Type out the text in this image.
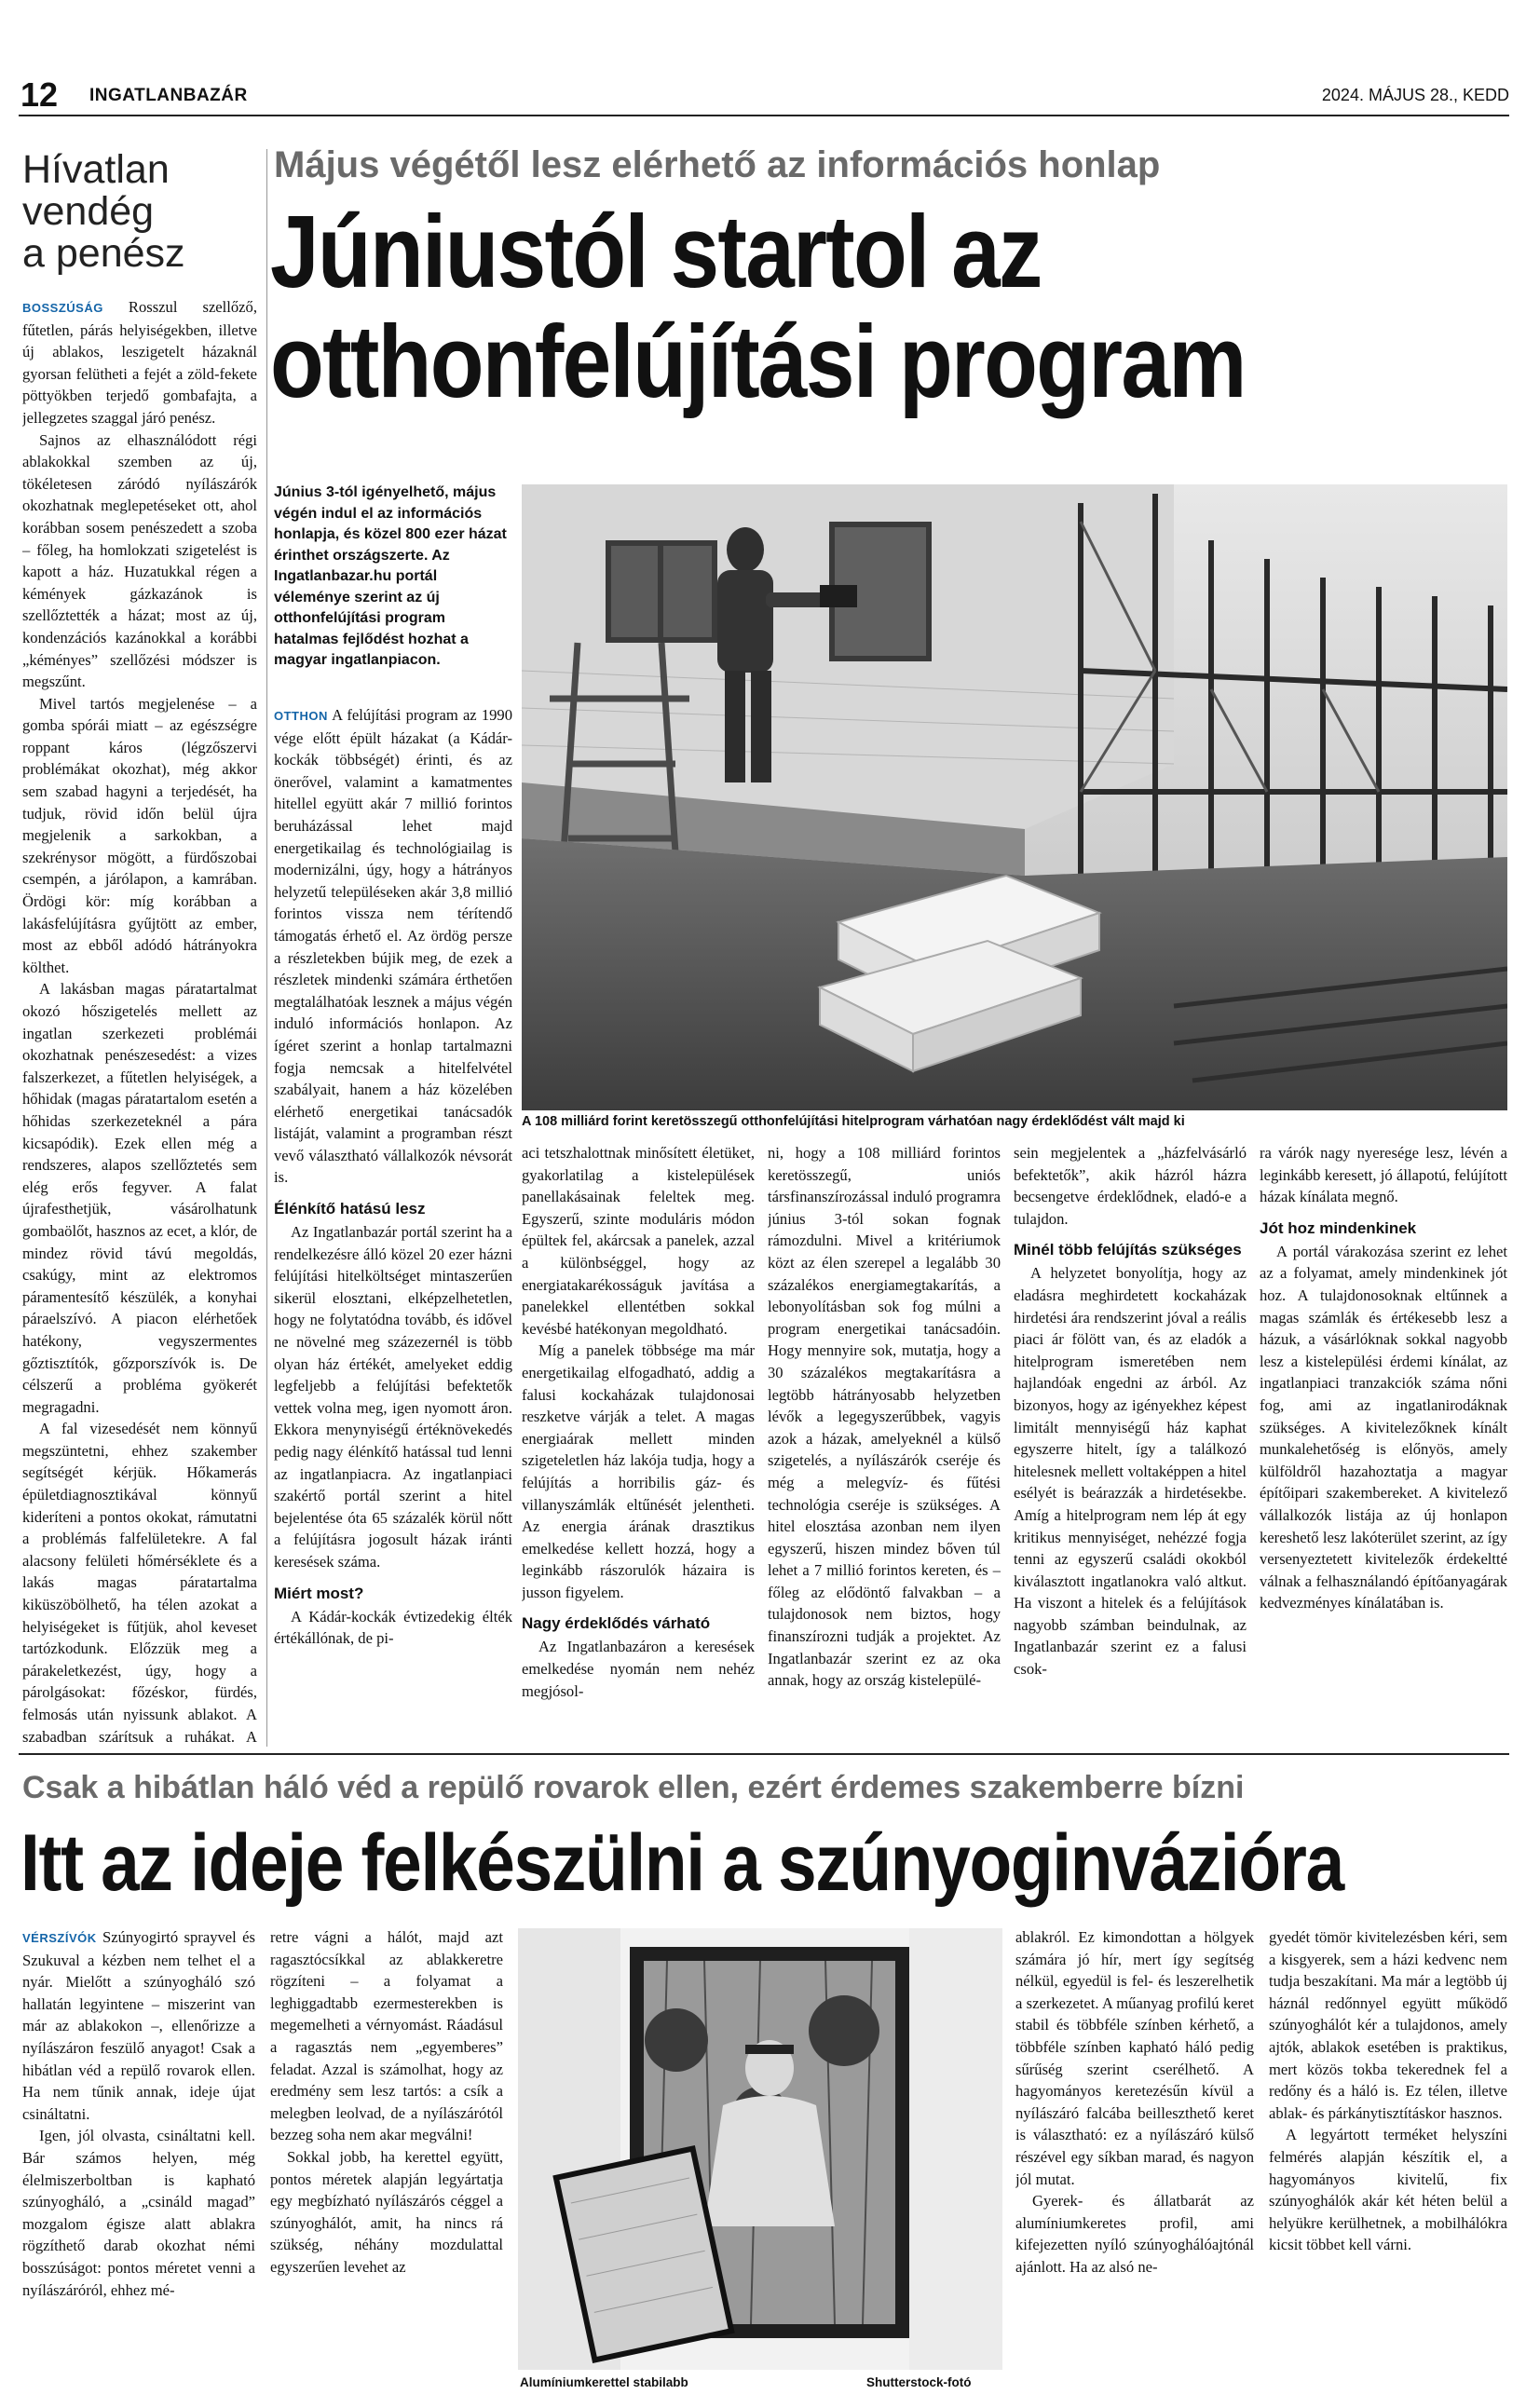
12 INGATLANBAZÁR	2024. MÁJUS 28., KEDD
Hívatlan
vendég
a penész

BOSSZÚSÁG Rosszul szellőző, fűtetlen, párás helyiségekben, illetve új ablakos, leszigetelt házaknál gyorsan felütheti a fejét a zöld-fekete pöttyökben terjedő gombafajta, a jellegzetes szaggal járó penész.

Sajnos az elhasználódott régi ablakokkal szemben az új, tökéletesen záródó nyílászárók okozhatnak meglepetéseket ott, ahol korábban sosem penészedett a szoba – főleg, ha homlokzati szigetelést is kapott a ház. Huzatukkal régen a kémények gázkazánok is szellőztették a házat; most az új, kondenzációs kazánokkal a korábbi „kéményes” szellőzési módszer is megszűnt.

Mivel tartós megjelenése – a gomba spórái miatt – az egészségre roppant káros (légzőszervi problémákat okozhat), még akkor sem szabad hagyni a terjedését, ha tudjuk, rövid időn belül újra megjelenik a sarkokban, a szekrénysor mögött, a fürdőszobai csempén, a járólapon, a kamrában. Ördögi kör: míg korábban a lakásfelújításra gyűjtött az ember, most az ebből adódó hátrányokra költhet.

A lakásban magas páratartalmat okozó hőszigetelés mellett az ingatlan szerkezeti problémái okozhatnak penészesedést: a vizes falszerkezet, a fűtetlen helyiségek, a hőhidak (magas páratartalom esetén a hőhidas szerkezeteknél a pára kicsapódik). Ezek ellen még a rendszeres, alapos szellőztetés sem elég erős fegyver. A falat újrafesthetjük, vásárolhatunk gombaölőt, hasznos az ecet, a klór, de mindez rövid távú megoldás, csakúgy, mint az elektromos páramentesítő készülék, a konyhai páraelszívó. A piacon elérhetőek hatékony, vegyszermentes gőztisztítók, gőzporszívók is. De célszerű a probléma gyökerét megragadni.

A fal vizesedését nem könnyű megszüntetni, ehhez szakember segítségét kérjük. Hőkamerás épületdiagnosztikával könnyű kideríteni a pontos okokat, rámutatni a problémás falfelületekre. A fal alacsony felületi hőmérséklete és a lakás magas páratartalma kiküszöbölhető, ha télen azokat a helyiségeket is fűtjük, ahol keveset tartózkodunk. Előzzük meg a párakeletkezést, úgy, hogy a párolgásokat: főzéskor, fürdés, felmosás után nyissunk ablakot. A szabadban szárítsuk a ruhákat. A

Május végétől lesz elérhető az információs honlap
Júniustól startol az
otthonfelújítási program
Június 3-tól igényelhető, május végén indul el az információs honlapja, és közel 800 ezer házat érinthet országszerte. Az Ingatlanbazar.hu portál véleménye szerint az új otthonfelújítási program hatalmas fejlődést hozhat a magyar ingatlanpiacon.
A 108 milliárd forint keretösszegű otthonfelújítási hitelprogram várhatóan nagy érdeklődést vált majd ki

OTTHON A felújítási program az 1990 vége előtt épült házakat (a Kádár-kockák többségét) érinti, és az önerővel, valamint a kamatmentes hitellel együtt akár 7 millió forintos beruházással lehet majd energetikailag és technológiailag is modernizálni, úgy, hogy a hátrányos helyzetű településeken akár 3,8 millió forintos vissza nem térítendő támogatás érhető el. Az ördög persze a részletekben bújik meg, de ezek a részletek mindenki számára érthetően megtalálhatóak lesznek a május végén induló információs honlapon. Az ígéret szerint a honlap tartalmazni fogja nemcsak a hitelfelvétel szabályait, hanem a ház közelében elérhető energetikai tanácsadók listáját, valamint a programban részt vevő választható vállalkozók névsorát is.

Élénkítő hatású lesz

Az Ingatlanbazár portál szerint ha a rendelkezésre álló közel 20 ezer házni felújítási hitelköltséget mintaszerűen sikerül elosztani, elképzelhetetlen, hogy ne folytatódna tovább, és idővel ne növelné meg százezernél is több olyan ház értékét, amelyeket eddig legfeljebb a felújítási befektetők vettek volna meg, igen nyomott áron. Ekkora menynyiségű értéknövekedés pedig nagy élénkítő hatással tud lenni az ingatlanpiacra. Az ingatlanpiaci szakértő portál szerint a hitel bejelentése óta 65 százalék körül nőtt a felújításra jogosult házak iránti keresések száma.

Miért most?

A Kádár-kockák évtizedekig élték értékállónak, de pi-

aci tetszhalottnak minősített életüket, gyakorlatilag a kistelepülések panellakásainak feleltek meg. Egyszerű, szinte moduláris módon épültek fel, akárcsak a panelek, azzal a különbséggel, hogy az energiatakarékosságuk javítása a panelekkel ellentétben sokkal kevésbé hatékonyan megoldható.

Míg a panelek többsége ma már energetikailag elfogadható, addig a falusi kockaházak tulajdonosai reszketve várják a telet. A magas energiaárak mellett minden szigeteletlen ház lakója tudja, hogy a felújítás a horribilis gáz- és villanyszámlák eltűnését jelentheti. Az energia árának drasztikus emelkedése kellett hozzá, hogy a leginkább rászorulók házaira is jusson figyelem.

Nagy érdeklődés várható

Az Ingatlanbazáron a keresések emelkedése nyomán nem nehéz megjósol-

ni, hogy a 108 milliárd forintos keretösszegű, uniós társfinanszírozással induló programra június 3-tól sokan fognak rámozdulni. Mivel a kritériumok közt az élen szerepel a legalább 30 százalékos energiamegtakarítás, a lebonyolításban sok fog múlni a program energetikai tanácsadóin. Hogy mennyire sok, mutatja, hogy a 30 százalékos megtakarításra a legtöbb hátrányosabb helyzetben lévők a legegyszerűbbek, vagyis azok a házak, amelyeknél a külső szigetelés, a nyílászárók cseréje és még a melegvíz- és fűtési technológia cseréje is szükséges. A hitel elosztása azonban nem ilyen egyszerű, hiszen mindez bőven túl lehet a 7 millió forintos kereten, és – főleg az elődöntő falvakban – a tulajdonosok nem biztos, hogy finanszírozni tudják a projektet. Az Ingatlanbazár szerint ez az oka annak, hogy az ország kistelepülé-

sein megjelentek a „házfelvásárló befektetők”, akik házról házra becsengetve érdeklődnek, eladó-e a tulajdon.

Minél több felújítás szükséges

A helyzetet bonyolítja, hogy az eladásra meghirdetett kockaházak hirdetési ára rendszerint jóval a reális piaci ár fölött van, és az eladók a hitelprogram ismeretében nem hajlandóak engedni az árból. Az bizonyos, hogy az igényekhez képest limitált mennyiségű ház kaphat egyszerre hitelt, így a találkozó hitelesnek mellett voltaképpen a hitel esélyét is beárazzák a hirdetésekbe. Amíg a hitelprogram nem lép át egy kritikus mennyiséget, nehézzé fogja tenni az egyszerű családi okokból kiválasztott ingatlanokra való altkut. Ha viszont a hitelek és a felújítások nagyobb számban beindulnak, az Ingatlanbazár szerint ez a falusi csok-

ra várók nagy nyeresége lesz, lévén a leginkább keresett, jó állapotú, felújított házak kínálata megnő.

Jót hoz mindenkinek

A portál várakozása szerint ez lehet az a folyamat, amely mindenkinek jót hoz. A tulajdonosoknak eltűnnek a magas számlák és értékesebb lesz a házuk, a vásárlóknak sokkal nagyobb lesz a kistelepülési érdemi kínálat, az ingatlanpiaci tranzakciók száma nőni fog, ami az ingatlanirodáknak szükséges. A kivitelezőknek kínált munkalehetőség is előnyös, amely külföldről hazahoztatja a magyar építőipari szakembereket. A kivitelező vállalkozók listája az új honlapon kereshető lesz lakóterület szerint, az így versenyeztetett kivitelezők érdekeltté válnak a felhasználandó építőanyagárak kedvezményes kínálatában is.

Csak a hibátlan háló véd a repülő rovarok ellen, ezért érdemes szakemberre bízni
Itt az ideje felkészülni a szúnyoginvázióra

VÉRSZÍVÓK Szúnyogirtó sprayvel és Szukuval a kézben nem telhet el a nyár. Mielőtt a szúnyogháló szó hallatán legyintene – miszerint van már az ablakokon –, ellenőrizze a nyílászáron feszülő anyagot! Csak a hibátlan véd a repülő rovarok ellen. Ha nem tűnik annak, ideje újat csináltatni.

Igen, jól olvasta, csináltatni kell. Bár számos helyen, még élelmiszerboltban is kapható szúnyogháló, a „csináld magad” mozgalom égisze alatt ablakra rögzíthető darab okozhat némi bosszúságot: pontos méretet venni a nyílászáróról, ehhez mé-

retre vágni a hálót, majd azt ragasztócsíkkal az ablakkeretre rögzíteni – a folyamat a leghiggadtabb ezermesterekben is megemelheti a vérnyomást. Ráadásul a ragasztás nem „egyemberes” feladat. Azzal is számolhat, hogy az eredmény sem lesz tartós: a csík a melegben leolvad, de a nyílászárótól bezzeg soha nem akar megválni!

Sokkal jobb, ha kerettel együtt, pontos méretek alapján legyártatja egy megbízható nyílászárós céggel a szúnyoghálót, amit, ha nincs rá szükség, néhány mozdulattal egyszerűen levehet az

Alumíniumkerettel stabilabb	Shutterstock-fotó

ablakról. Ez kimondottan a hölgyek számára jó hír, mert így segítség nélkül, egyedül is fel- és leszerelhetik a szerkezetet. A műanyag profilú keret stabil és többféle színben kérhető, a többféle színben kapható háló pedig sűrűség szerint cserélhető. A hagyományos keretezésűn kívül a nyílászáró falcába beilleszthető keret is választható: ez a nyílászáró külső részével egy síkban marad, és nagyon jól mutat.

Gyerek- és állatbarát az alumíniumkeretes profil, ami kifejezetten nyíló szúnyoghálóajtónál ajánlott. Ha az alsó ne-

gyedét tömör kivitelezésben kéri, sem a kisgyerek, sem a házi kedvenc nem tudja beszakítani. Ma már a legtöbb új háznál redőnnyel együtt működő szúnyoghálót kér a tulajdonos, amely ajtók, ablakok esetében is praktikus, mert közös tokba tekerednek fel a redőny és a háló is. Ez télen, illetve ablak- és párkánytisztításkor hasznos.

A legyártott terméket helyszíni felmérés alapján készítik el, a hagyományos kivitelű, fix szúnyoghálók akár két héten belül a helyükre kerülhetnek, a mobilhálókra kicsit többet kell várni.
